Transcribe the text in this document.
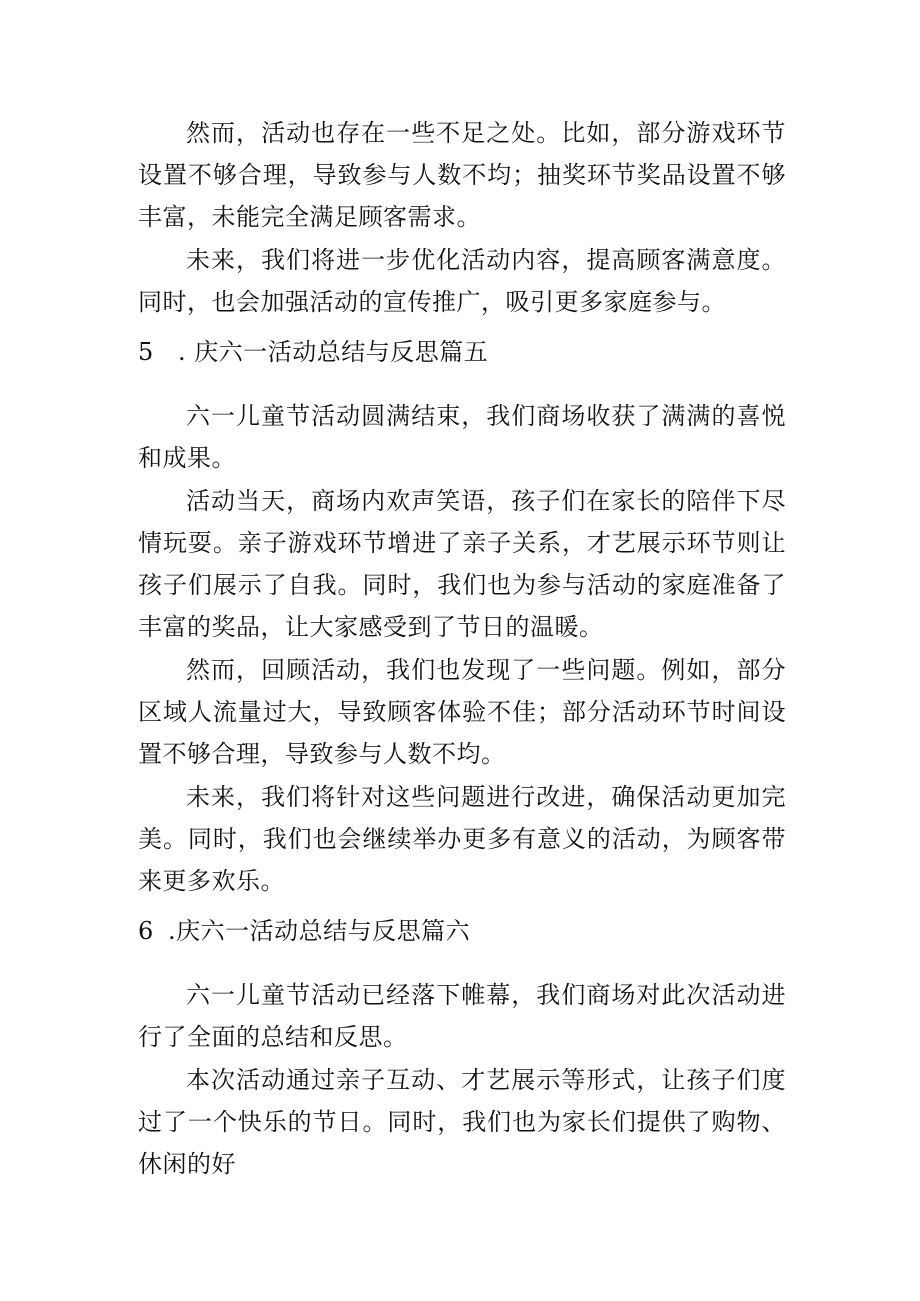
然而，活动也存在一些不足之处。比如，部分游戏环节设置不够合理，导致参与人数不均；抽奖环节奖品设置不够丰富，未能完全满足顾客需求。

未来，我们将进一步优化活动内容，提高顾客满意度。同时，也会加强活动的宣传推广，吸引更多家庭参与。

5 . 庆六一活动总结与反思篇五

六一儿童节活动圆满结束，我们商场收获了满满的喜悦和成果。

活动当天，商场内欢声笑语，孩子们在家长的陪伴下尽情玩耍。亲子游戏环节增进了亲子关系，才艺展示环节则让孩子们展示了自我。同时，我们也为参与活动的家庭准备了丰富的奖品，让大家感受到了节日的温暖。

然而，回顾活动，我们也发现了一些问题。例如，部分区域人流量过大，导致顾客体验不佳；部分活动环节时间设置不够合理，导致参与人数不均。

未来，我们将针对这些问题进行改进，确保活动更加完美。同时，我们也会继续举办更多有意义的活动，为顾客带来更多欢乐。

6 .庆六一活动总结与反思篇六

六一儿童节活动已经落下帷幕，我们商场对此次活动进行了全面的总结和反思。

本次活动通过亲子互动、才艺展示等形式，让孩子们度过了一个快乐的节日。同时，我们也为家长们提供了购物、休闲的好
